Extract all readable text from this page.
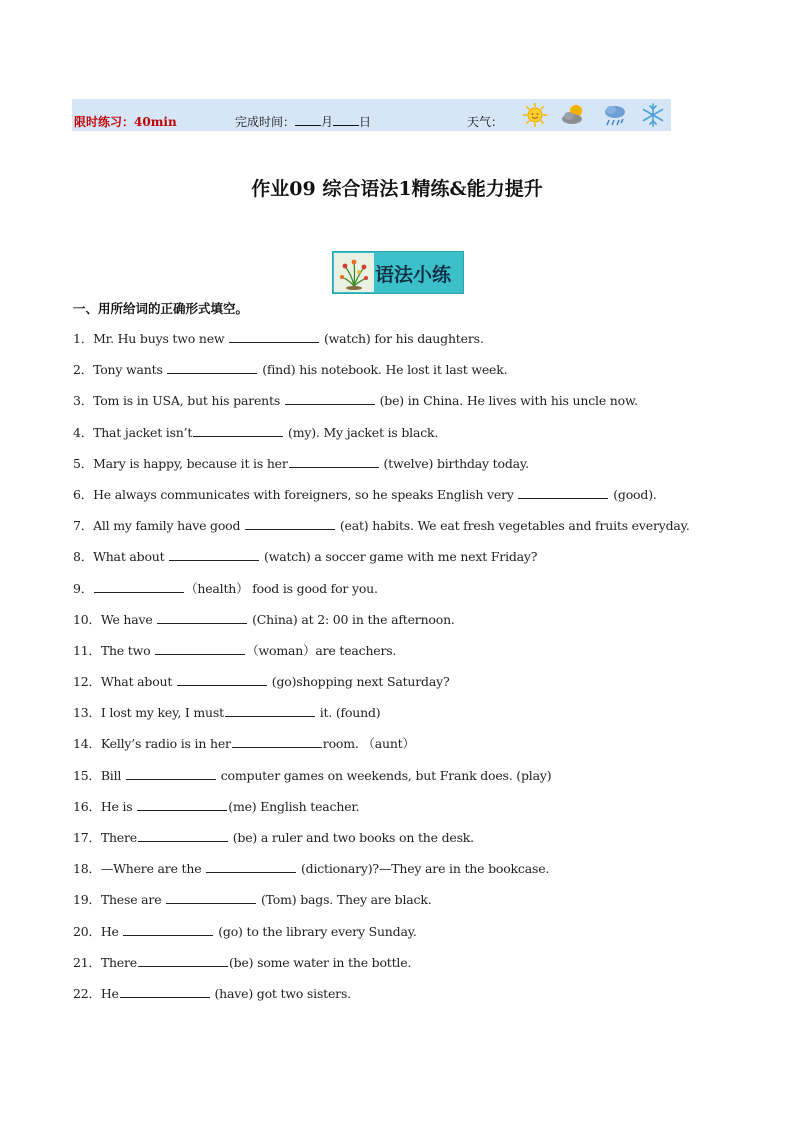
限时练习：40min	完成时间： 月 日	天气：
作业09 综合语法1精练&能力提升
语法小练
一、用所给词的正确形式填空。
1．Mr. Hu buys two new	(watch) for his daughters.
2．Tony wants	(find) his notebook. He lost it last week.
3．Tom is in USA, but his parents	(be) in China. He lives with his uncle now.
4．That jacket isn’t	(my). My jacket is black.
5．Mary is happy, because it is her	(twelve) birthday today.
6．He always communicates with foreigners, so he speaks English very	(good).
7．All my family have good	(eat) habits. We eat fresh vegetables and fruits everyday.
8．What about	(watch) a soccer game with me next Friday?
9．	（health） food is good for you.
10．We have	(China) at 2: 00 in the afternoon.
11．The two	（woman）are teachers.
12．What about	(go)shopping next Saturday?
13．I lost my key, I must	it. (found)
14．Kelly’s radio is in her	room. （aunt）
15．Bill	computer games on weekends, but Frank does. (play)
16．He is	(me) English teacher.
17．There	(be) a ruler and two books on the desk.
18．—Where are the	(dictionary)?—They are in the bookcase.
19．These are	(Tom) bags. They are black.
20．He	(go) to the library every Sunday.
21．There	(be) some water in the bottle.
22．He	(have) got two sisters.
